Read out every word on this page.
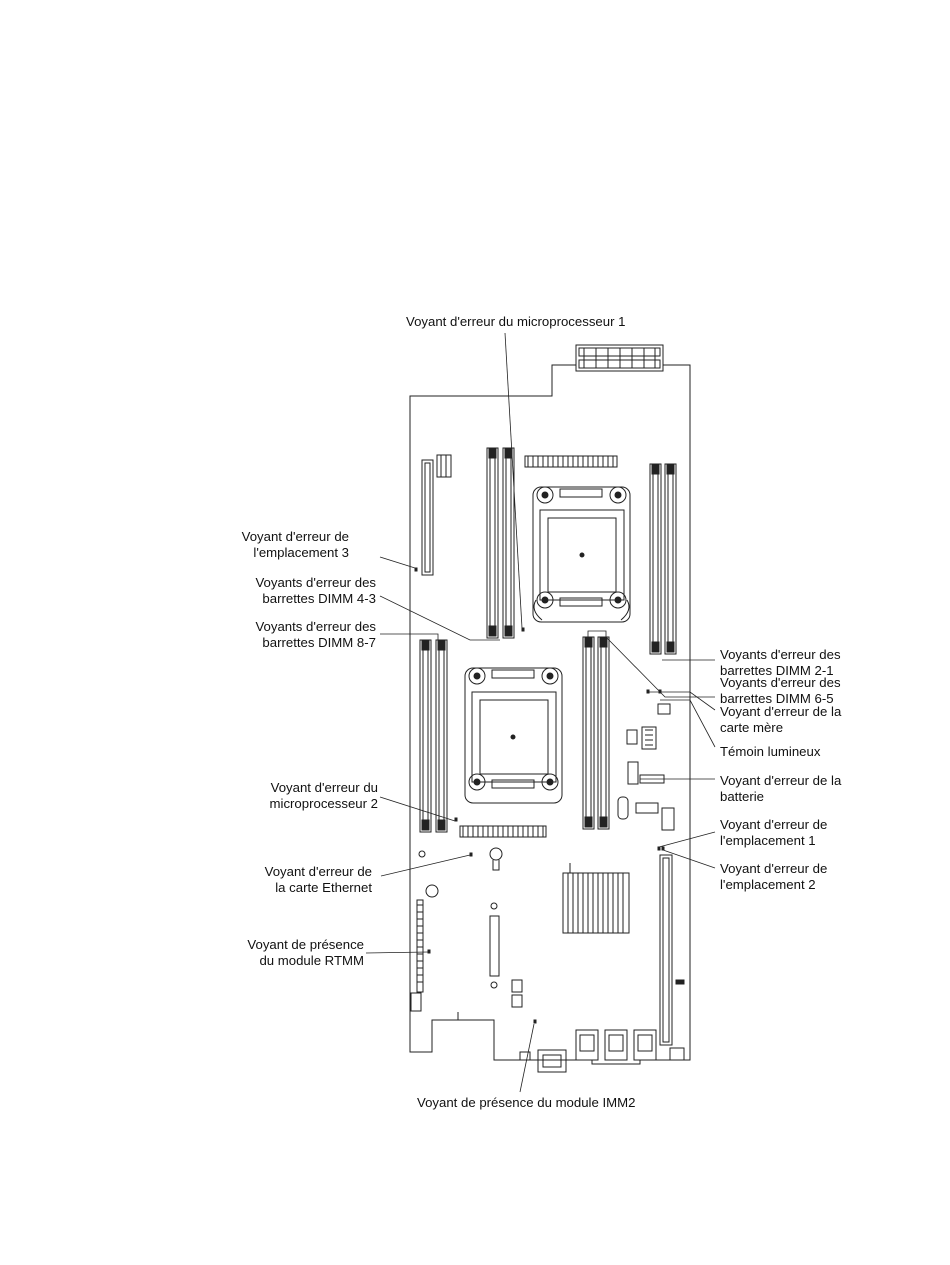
Voyant d'erreur du microprocesseur 1
Voyant d'erreur de
l'emplacement 3
Voyants d'erreur des
barrettes DIMM 4-3
Voyants d'erreur des
barrettes DIMM 8-7
Voyant d'erreur du
microprocesseur 2
Voyant d'erreur de
la carte Ethernet
Voyant de présence
du module RTMM
Voyant de présence du module IMM2
Voyants d'erreur des
barrettes DIMM 2-1
Voyants d'erreur des
barrettes DIMM 6-5
Voyant d'erreur de la
carte mère
Témoin lumineux
Voyant d'erreur de la
batterie
Voyant d'erreur de
l'emplacement 1
Voyant d'erreur de
l'emplacement 2
